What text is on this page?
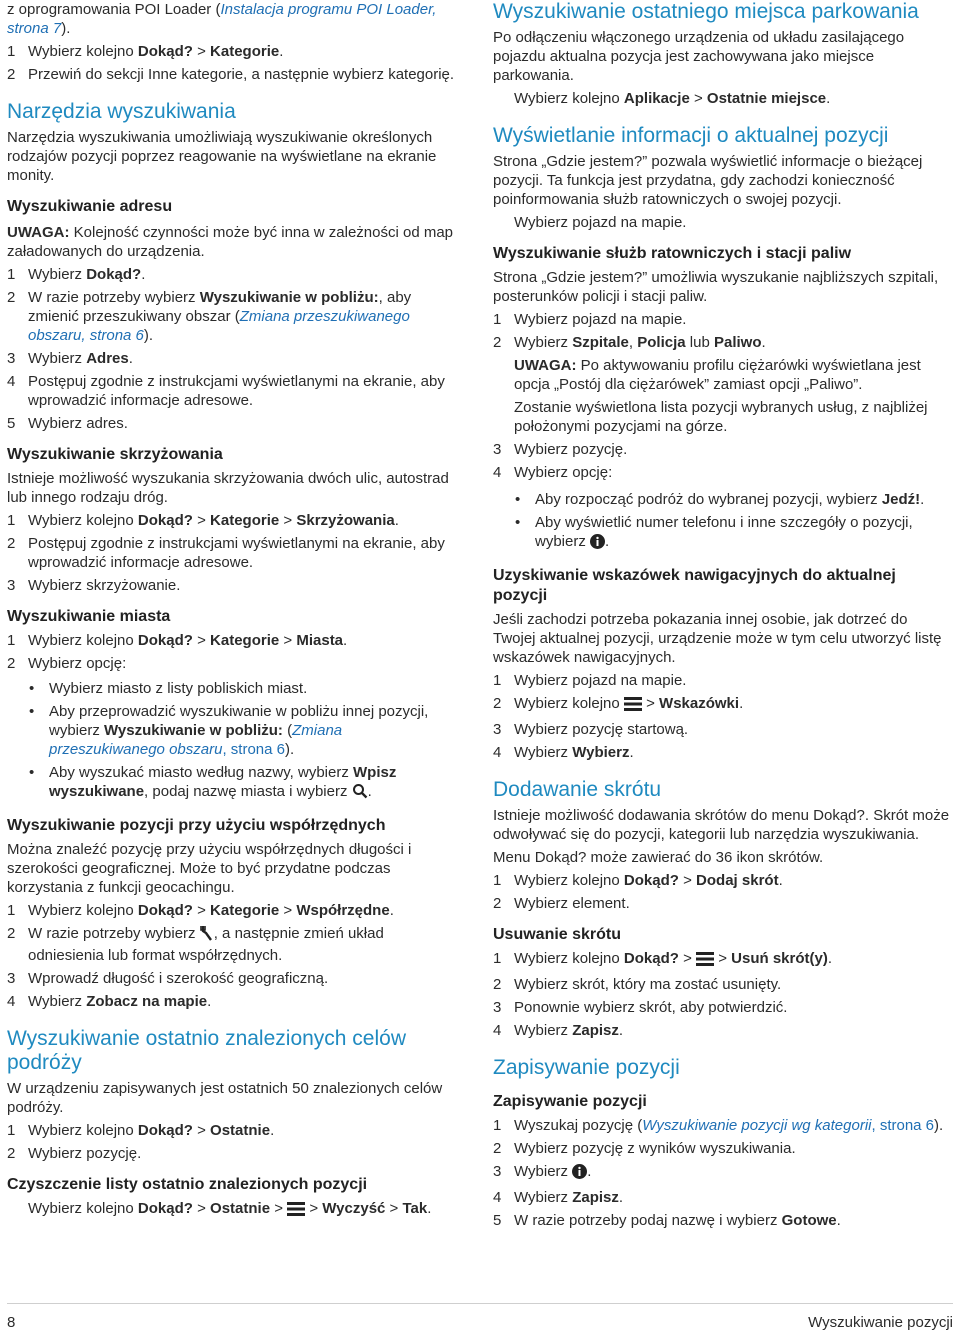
z oprogramowania POI Loader (Instalacja programu POI Loader, strona 7).

1 Wybierz kolejno Dokąd? > Kategorie.
2 Przewiń do sekcji Inne kategorie, a następnie wybierz kategorię.
Narzędzia wyszukiwania

Narzędzia wyszukiwania umożliwiają wyszukiwanie określonych rodzajów pozycji poprzez reagowanie na wyświetlane na ekranie monity.

Wyszukiwanie adresu

UWAGA: Kolejność czynności może być inna w zależności od map załadowanych do urządzenia.

1 Wybierz Dokąd?.
2 W razie potrzeby wybierz Wyszukiwanie w pobliżu:, aby zmienić przeszukiwany obszar (Zmiana przeszukiwanego obszaru, strona 6).
3 Wybierz Adres.
4 Postępuj zgodnie z instrukcjami wyświetlanymi na ekranie, aby wprowadzić informacje adresowe.
5 Wybierz adres.
Wyszukiwanie skrzyżowania

Istnieje możliwość wyszukania skrzyżowania dwóch ulic, autostrad lub innego rodzaju dróg.

1 Wybierz kolejno Dokąd? > Kategorie > Skrzyżowania.
2 Postępuj zgodnie z instrukcjami wyświetlanymi na ekranie, aby wprowadzić informacje adresowe.
3 Wybierz skrzyżowanie.
Wyszukiwanie miasta
1 Wybierz kolejno Dokąd? > Kategorie > Miasta.
2 Wybierz opcję:
• Wybierz miasto z listy pobliskich miast.
• Aby przeprowadzić wyszukiwanie w pobliżu innej pozycji, wybierz Wyszukiwanie w pobliżu: (Zmiana przeszukiwanego obszaru, strona 6).
• Aby wyszukać miasto według nazwy, wybierz Wpisz wyszukiwane, podaj nazwę miasta i wybierz .
Wyszukiwanie pozycji przy użyciu współrzędnych

Można znaleźć pozycję przy użyciu współrzędnych długości i szerokości geograficznej. Może to być przydatne podczas korzystania z funkcji geocachingu.

1 Wybierz kolejno Dokąd? > Kategorie > Współrzędne.
2 W razie potrzeby wybierz , a następnie zmień układ odniesienia lub format współrzędnych.
3 Wprowadź długość i szerokość geograficzną.
4 Wybierz Zobacz na mapie.
Wyszukiwanie ostatnio znalezionych celów podróży

W urządzeniu zapisywanych jest ostatnich 50 znalezionych celów podróży.

1 Wybierz kolejno Dokąd? > Ostatnie.
2 Wybierz pozycję.
Czyszczenie listy ostatnio znalezionych pozycji

Wybierz kolejno Dokąd? > Ostatnie >  > Wyczyść > Tak.

Wyszukiwanie ostatniego miejsca parkowania

Po odłączeniu włączonego urządzenia od układu zasilającego pojazdu aktualna pozycja jest zachowywana jako miejsce parkowania.

Wybierz kolejno Aplikacje > Ostatnie miejsce.

Wyświetlanie informacji o aktualnej pozycji

Strona „Gdzie jestem?” pozwala wyświetlić informacje o bieżącej pozycji. Ta funkcja jest przydatna, gdy zachodzi konieczność poinformowania służb ratowniczych o swojej pozycji.

Wybierz pojazd na mapie.

Wyszukiwanie służb ratowniczych i stacji paliw

Strona „Gdzie jestem?” umożliwia wyszukanie najbliższych szpitali, posterunków policji i stacji paliw.

1 Wybierz pojazd na mapie.
2 Wybierz Szpitale, Policja lub Paliwo.

UWAGA: Po aktywowaniu profilu ciężarówki wyświetlana jest opcja „Postój dla ciężarówek” zamiast opcji „Paliwo”.

Zostanie wyświetlona lista pozycji wybranych usług, z najbliżej położonymi pozycjami na górze.

3 Wybierz pozycję.
4 Wybierz opcję:
• Aby rozpocząć podróż do wybranej pozycji, wybierz Jedź!.
• Aby wyświetlić numer telefonu i inne szczegóły o pozycji, wybierz .
Uzyskiwanie wskazówek nawigacyjnych do aktualnej pozycji

Jeśli zachodzi potrzeba pokazania innej osobie, jak dotrzeć do Twojej aktualnej pozycji, urządzenie może w tym celu utworzyć listę wskazówek nawigacyjnych.

1 Wybierz pojazd na mapie.
2 Wybierz kolejno  > Wskazówki.
3 Wybierz pozycję startową.
4 Wybierz Wybierz.
Dodawanie skrótu

Istnieje możliwość dodawania skrótów do menu Dokąd?. Skrót może odwoływać się do pozycji, kategorii lub narzędzia wyszukiwania.

Menu Dokąd? może zawierać do 36 ikon skrótów.

1 Wybierz kolejno Dokąd? > Dodaj skrót.
2 Wybierz element.
Usuwanie skrótu
1 Wybierz kolejno Dokąd? >  > Usuń skrót(y).
2 Wybierz skrót, który ma zostać usunięty.
3 Ponownie wybierz skrót, aby potwierdzić.
4 Wybierz Zapisz.
Zapisywanie pozycji
Zapisywanie pozycji
1 Wyszukaj pozycję (Wyszukiwanie pozycji wg kategorii, strona 6).
2 Wybierz pozycję z wyników wyszukiwania.
3 Wybierz .
4 Wybierz Zapisz.
5 W razie potrzeby podaj nazwę i wybierz Gotowe.
8	Wyszukiwanie pozycji
